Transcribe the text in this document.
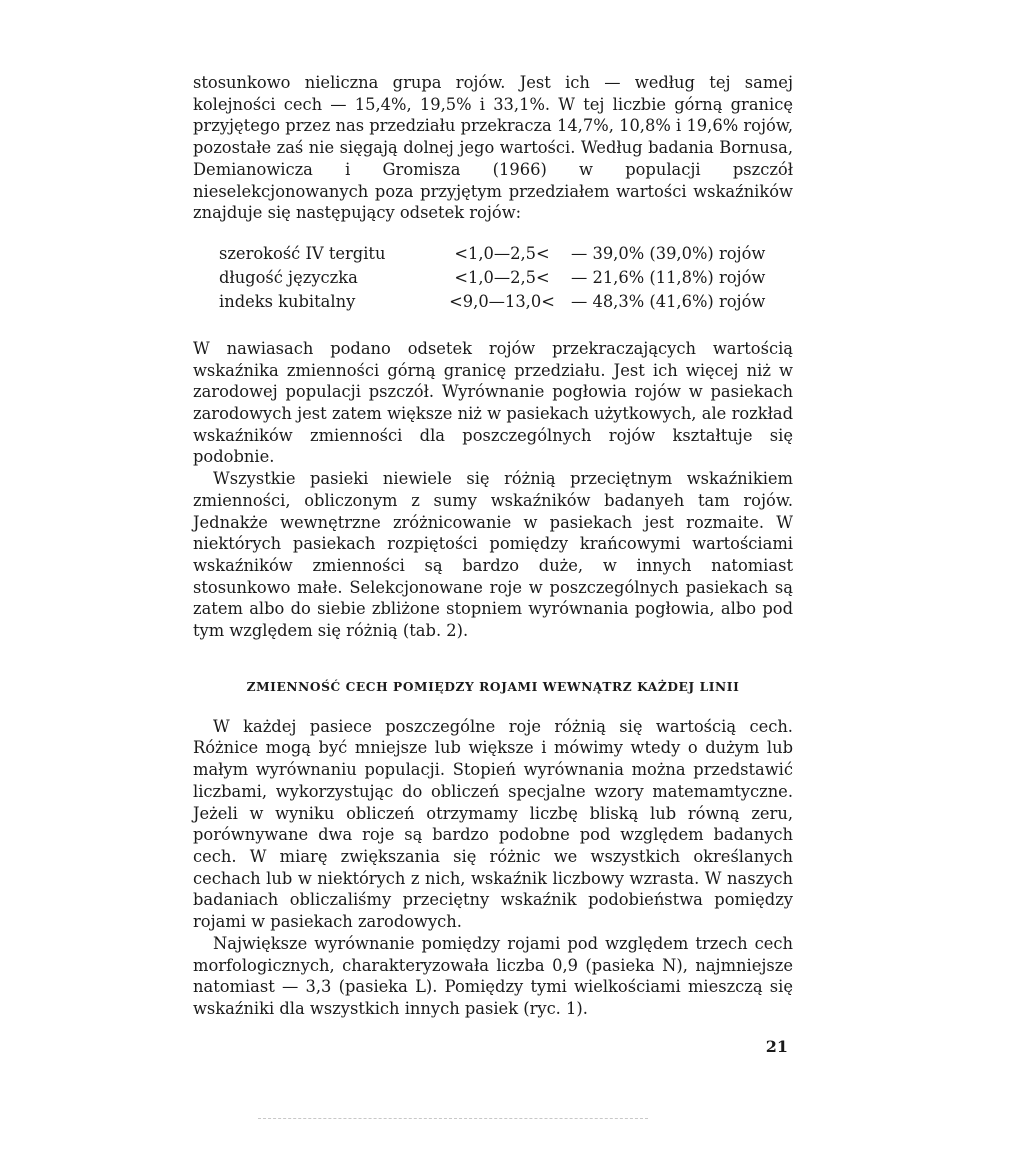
stosunkowo nieliczna grupa rojów. Jest ich — według tej samej kolejności cech — 15,4%, 19,5% i 33,1%. W tej liczbie górną granicę przyjętego przez nas przedziału przekracza 14,7%, 10,8% i 19,6% rojów, pozostałe zaś nie sięgają dolnej jego wartości. Według badania Bornusa, Demianowicza i Gromisza (1966) w populacji pszczół nieselekcjonowanych poza przyjętym przedziałem wartości wskaźników znajduje się następujący odsetek rojów:

szerokość IV tergitu	<1,0—2,5<	— 39,0% (39,0%) rojów
długość języczka	<1,0—2,5<	— 21,6% (11,8%) rojów
indeks kubitalny	<9,0—13,0< — 48,3% (41,6%) rojów

W nawiasach podano odsetek rojów przekraczających wartością wskaźnika zmienności górną granicę przedziału. Jest ich więcej niż w zarodowej populacji pszczół. Wyrównanie pogłowia rojów w pasiekach zarodowych jest zatem większe niż w pasiekach użytkowych, ale rozkład wskaźników zmienności dla poszczególnych rojów kształtuje się podobnie.

Wszystkie pasieki niewiele się różnią przeciętnym wskaźnikiem zmienności, obliczonym z sumy wskaźników badanyeh tam rojów. Jednakże wewnętrzne zróżnicowanie w pasiekach jest rozmaite. W niektórych pasiekach rozpiętości pomiędzy krańcowymi wartościami wskaźników zmienności są bardzo duże, w innych natomiast stosunkowo małe. Selekcjonowane roje w poszczególnych pasiekach są zatem albo do siebie zbliżone stopniem wyrównania pogłowia, albo pod tym względem się różnią (tab. 2).

ZMIENNOŚĆ CECH POMIĘDZY ROJAMI WEWNĄTRZ KAŻDEJ LINII

W każdej pasiece poszczególne roje różnią się wartością cech. Różnice mogą być mniejsze lub większe i mówimy wtedy o dużym lub małym wyrównaniu populacji. Stopień wyrównania można przedstawić liczbami, wykorzystując do obliczeń specjalne wzory matemamtyczne. Jeżeli w wyniku obliczeń otrzymamy liczbę bliską lub równą zeru, porównywane dwa roje są bardzo podobne pod względem badanych cech. W miarę zwiększania się różnic we wszystkich określanych cechach lub w niektórych z nich, wskaźnik liczbowy wzrasta. W naszych badaniach obliczaliśmy przeciętny wskaźnik podobieństwa pomiędzy rojami w pasiekach zarodowych.

Największe wyrównanie pomiędzy rojami pod względem trzech cech morfologicznych, charakteryzowała liczba 0,9 (pasieka N), najmniejsze natomiast — 3,3 (pasieka L). Pomiędzy tymi wielkościami mieszczą się wskaźniki dla wszystkich innych pasiek (ryc. 1).

21
